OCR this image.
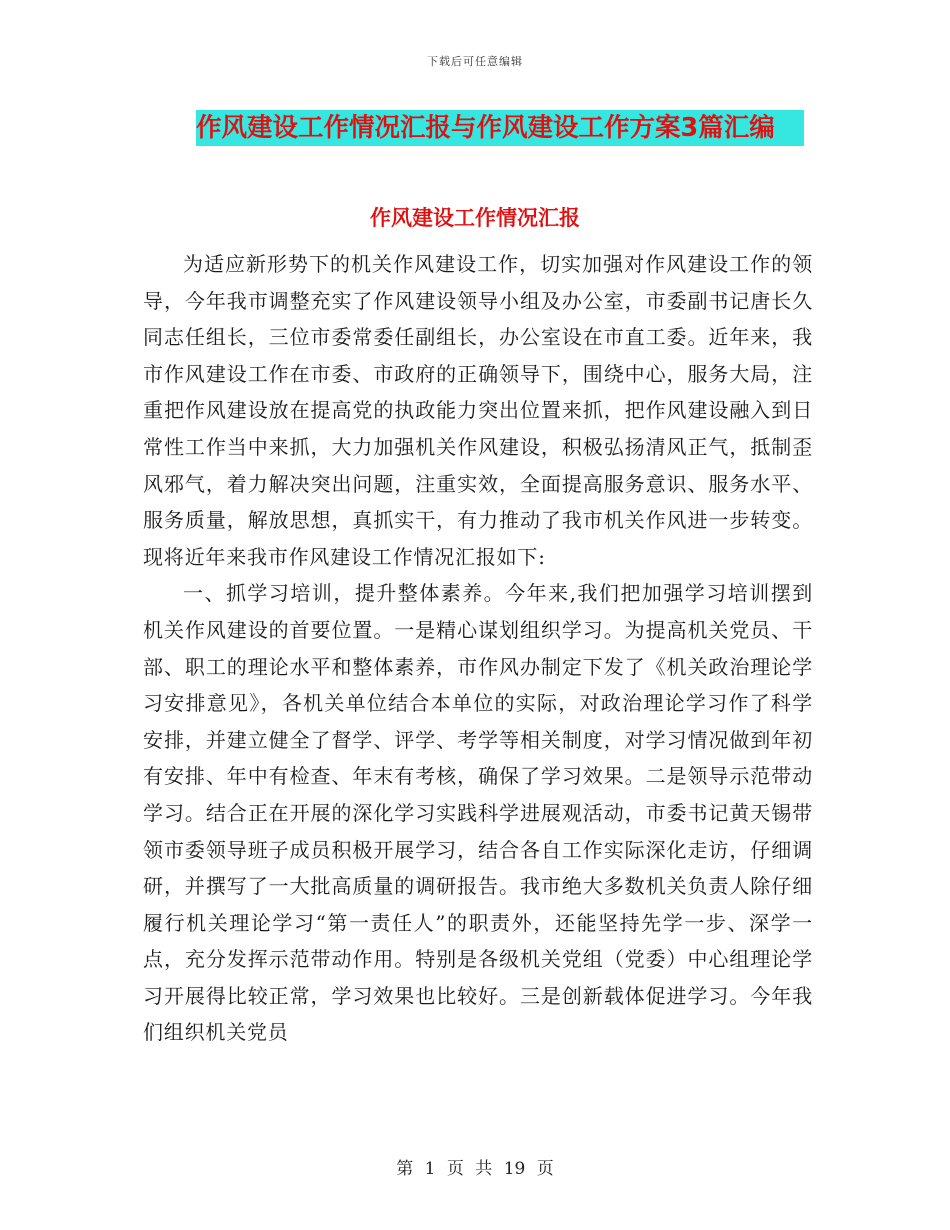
下载后可任意编辑
作风建设工作情况汇报与作风建设工作方案3篇汇编
作风建设工作情况汇报

为适应新形势下的机关作风建设工作，切实加强对作风建设工作的领导，今年我市调整充实了作风建设领导小组及办公室，市委副书记唐长久同志任组长，三位市委常委任副组长，办公室设在市直工委。近年来，我市作风建设工作在市委、市政府的正确领导下，围绕中心，服务大局，注重把作风建设放在提高党的执政能力突出位置来抓，把作风建设融入到日常性工作当中来抓，大力加强机关作风建设，积极弘扬清风正气，抵制歪风邪气，着力解决突出问题，注重实效，全面提高服务意识、服务水平、服务质量，解放思想，真抓实干，有力推动了我市机关作风进一步转变。现将近年来我市作风建设工作情况汇报如下:

一、抓学习培训，提升整体素养。今年来,我们把加强学习培训摆到机关作风建设的首要位置。一是精心谋划组织学习。为提高机关党员、干部、职工的理论水平和整体素养，市作风办制定下发了《机关政治理论学习安排意见》，各机关单位结合本单位的实际，对政治理论学习作了科学安排，并建立健全了督学、评学、考学等相关制度，对学习情况做到年初有安排、年中有检查、年末有考核，确保了学习效果。二是领导示范带动学习。结合正在开展的深化学习实践科学进展观活动，市委书记黄天锡带领市委领导班子成员积极开展学习，结合各自工作实际深化走访，仔细调研，并撰写了一大批高质量的调研报告。我市绝大多数机关负责人除仔细履行机关理论学习“第一责任人”的职责外，还能坚持先学一步、深学一点，充分发挥示范带动作用。特别是各级机关党组（党委）中心组理论学习开展得比较正常，学习效果也比较好。三是创新载体促进学习。今年我们组织机关党员

第 1 页 共 19 页
